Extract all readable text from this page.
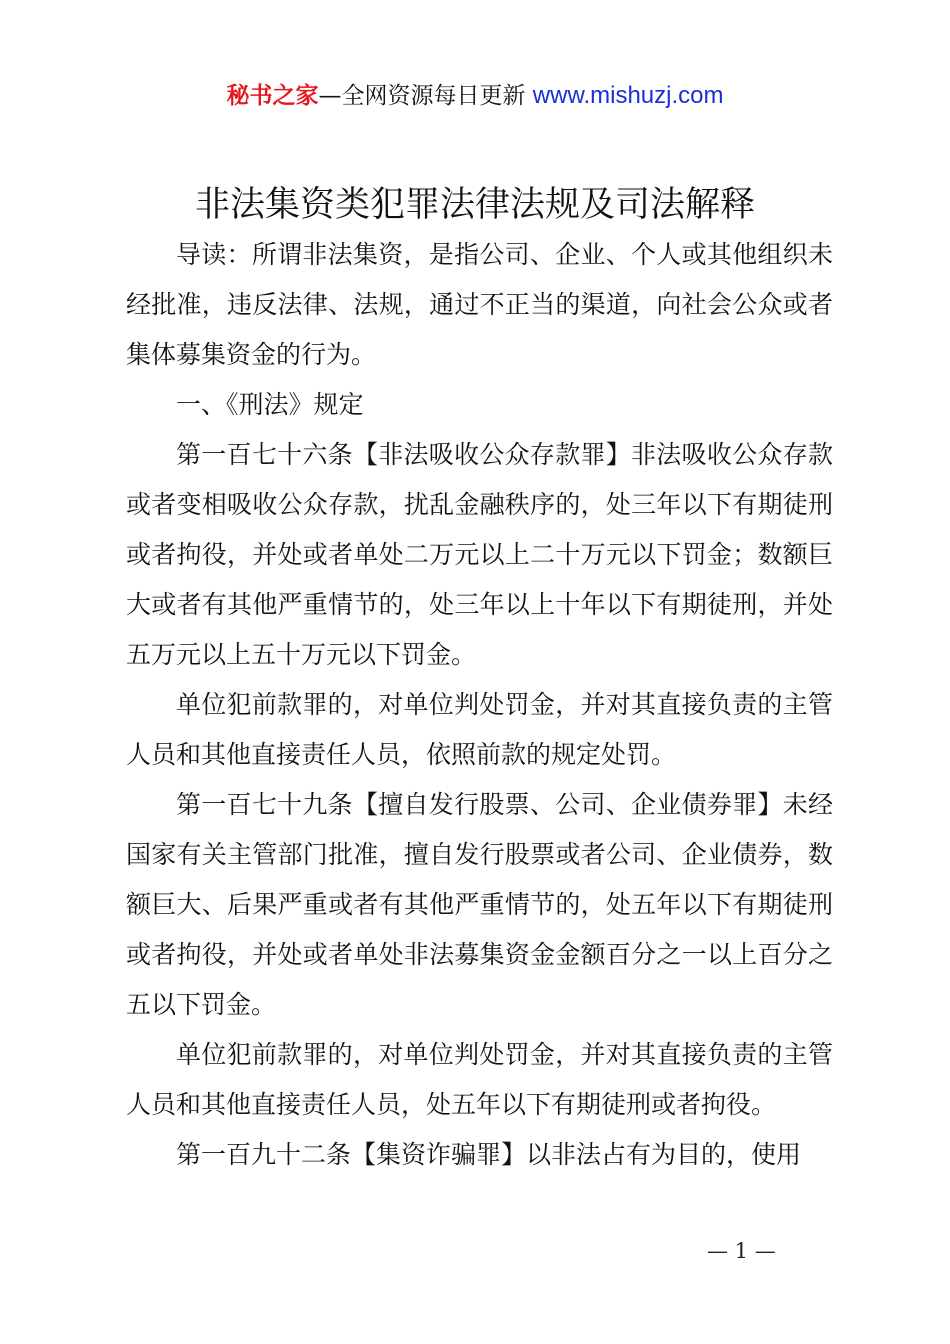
秘书之家—全网资源每日更新 www.mishuzj.com
非法集资类犯罪法律法规及司法解释

导读：所谓非法集资，是指公司、企业、个人或其他组织未经批准，违反法律、法规，通过不正当的渠道，向社会公众或者集体募集资金的行为。

一、《刑法》规定

第一百七十六条【非法吸收公众存款罪】非法吸收公众存款或者变相吸收公众存款，扰乱金融秩序的，处三年以下有期徒刑或者拘役，并处或者单处二万元以上二十万元以下罚金；数额巨大或者有其他严重情节的，处三年以上十年以下有期徒刑，并处五万元以上五十万元以下罚金。

单位犯前款罪的，对单位判处罚金，并对其直接负责的主管人员和其他直接责任人员，依照前款的规定处罚。

第一百七十九条【擅自发行股票、公司、企业债券罪】未经国家有关主管部门批准，擅自发行股票或者公司、企业债券，数额巨大、后果严重或者有其他严重情节的，处五年以下有期徒刑或者拘役，并处或者单处非法募集资金金额百分之一以上百分之五以下罚金。

单位犯前款罪的，对单位判处罚金，并对其直接负责的主管人员和其他直接责任人员，处五年以下有期徒刑或者拘役。

第一百九十二条【集资诈骗罪】以非法占有为目的，使用

— 1 —
